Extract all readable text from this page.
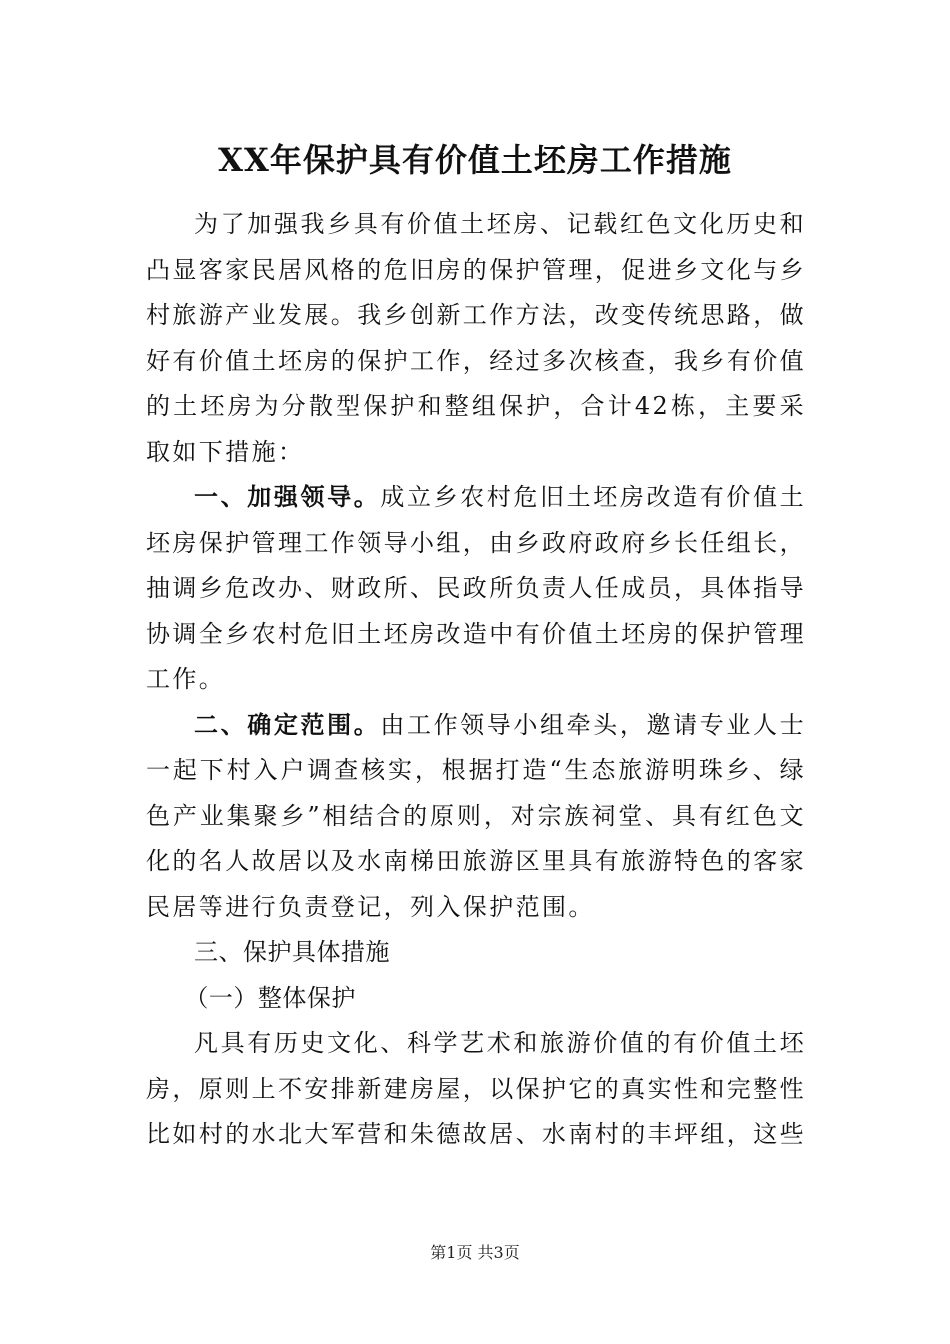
XX年保护具有价值土坯房工作措施

为了加强我乡具有价值土坯房、记载红色文化历史和凸显客家民居风格的危旧房的保护管理，促进乡文化与乡村旅游产业发展。我乡创新工作方法，改变传统思路，做好有价值土坯房的保护工作，经过多次核查，我乡有价值的土坯房为分散型保护和整组保护，合计42栋，主要采取如下措施：

一、加强领导。成立乡农村危旧土坯房改造有价值土坯房保护管理工作领导小组，由乡政府政府乡长任组长，抽调乡危改办、财政所、民政所负责人任成员，具体指导协调全乡农村危旧土坯房改造中有价值土坯房的保护管理工作。

二、确定范围。由工作领导小组牵头，邀请专业人士一起下村入户调查核实，根据打造“生态旅游明珠乡、绿色产业集聚乡”相结合的原则，对宗族祠堂、具有红色文化的名人故居以及水南梯田旅游区里具有旅游特色的客家民居等进行负责登记，列入保护范围。

三、保护具体措施

（一）整体保护

凡具有历史文化、科学艺术和旅游价值的有价值土坯房，原则上不安排新建房屋，以保护它的真实性和完整性比如村的水北大军营和朱德故居、水南村的丰坪组，这些

第1页 共3页
